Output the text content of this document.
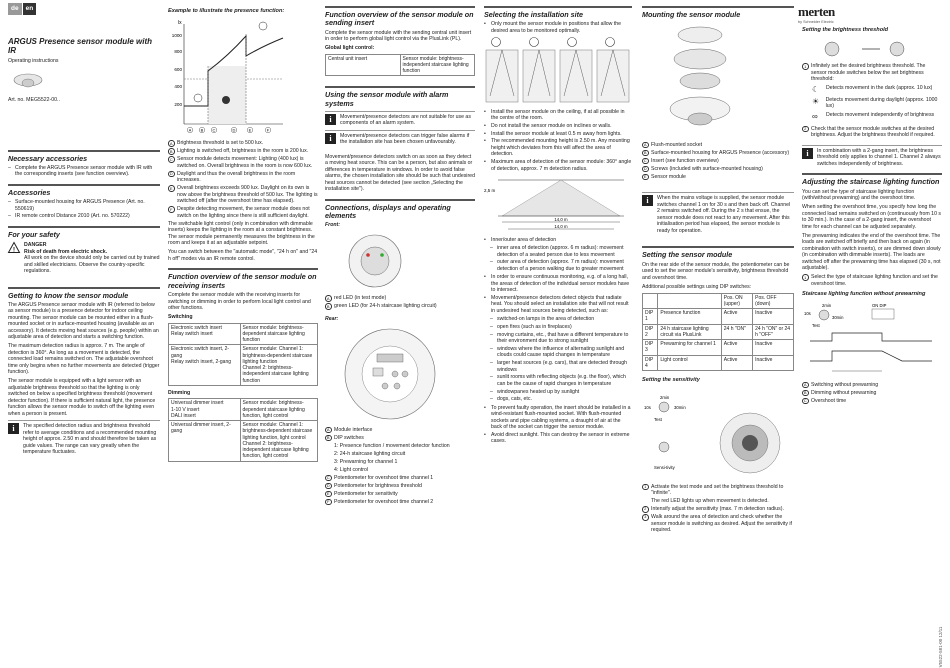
de	en
ARGUS Presence sensor module with IR

Operating instructions

Art. no. MEG5522-00..

Necessary accessories
– Complete the ARGUS Presence sensor module with IR with the corresponding inserts (see function overview).
Accessories
– Surface-mounted housing for ARGUS Presence (Art. no. 550619)
– IR remote control Distance 2010 (Art. no. 570222)
For your safety
!
DANGER
Risk of death from electric shock.
All work on the device should only be carried out by trained and skilled electricians. Observe the country-specific regulations.
Getting to know the sensor module

The ARGUS Presence sensor module with IR (referred to below as sensor module) is a presence detector for indoor ceiling mounting. The sensor module can be mounted either in a flush-mounted socket or in surface-mounted housing (available as an accessory). It detects moving heat sources (e.g. people) within an adjustable area of detection and starts a switching function.

The maximum detection radius is approx. 7 m. The angle of detection is 360°. As long as a movement is detected, the connected load remains switched on. The adjustable overshoot time only begins when no further movements are detected (trigger function).

The sensor module is equipped with a light sensor with an adjustable brightness threshold so that the lighting is only switched on below a specified brightness threshold (movement detector function). If there is sufficient natural light, the presence function allows the sensor module to switch off the lighting even when a person is present.

i	The specified detection radius and brightness threshold refer to average conditions and a recommended mounting height of approx. 2.50 m and should therefore be taken as guide values. The range can vary greatly when the temperature fluctuates.
Example to illustrate the presence function:
lx
1000
800
600
400
200
A B C	D	E	F
A Brightness threshold is set to 500 lux.
B Lighting is switched off, brightness in the room is 200 lux.
C Sensor module detects movement: Lighting (400 lux) is switched on. Overall brightness in the room is now 600 lux.
D Daylight and thus the overall brightness in the room increases.
E Overall brightness exceeds 900 lux. Daylight on its own is now above the brightness threshold of 500 lux. The lighting is switched off (after the overshoot time has elapsed).
F Despite detecting movement, the sensor module does not switch on the lighting since there is still sufficient daylight.

The switchable light control (only in combination with dimmable inserts) keeps the lighting in the room at a constant brightness. The sensor module permanently measures the brightness in the room and keeps it at an adjustable setpoint.

You can switch between the "automatic mode", "24 h on" and "24 h off" modes via an IR remote control.

Function overview of the sensor module on receiving inserts

Complete the sensor module with the receiving inserts for switching or dimming in order to perform local light control and other functions.

Switching
Electronic switch insert
Relay switch insert	Sensor module: brightness-dependent staircase lighting function
Electronic switch insert, 2-gang
Relay switch insert, 2-gang	Sensor module: Channel 1: brightness-dependent staircase lighting function
Channel 2: brightness-independent staircase lighting function
Dimming
Universal dimmer insert
1-10 V insert
DALI insert	Sensor module: brightness-dependent staircase lighting function, light control
Universal dimmer insert, 2-gang	Sensor module: Channel 1: brightness-dependent staircase lighting function, light control
Channel 2: brightness-independent staircase lighting function, light control
Function overview of the sensor module on sending insert

Complete the sensor module with the sending central unit insert in order to perform global light control via the PlusLink (PL).

Global light control:
Central unit insert	Sensor module: brightness-independent staircase lighting function
Using the sensor module with alarm systems
i	Movement/presence detectors are not suitable for use as components of an alarm system.
i	Movement/presence detectors can trigger false alarms if the installation site has been chosen unfavourably.

Movement/presence detectors switch on as soon as they detect a moving heat source. This can be a person, but also animals or differences in temperature in windows. In order to avoid false alarms, the chosen installation site should be such that undesired heat sources cannot be detected (see section „Selecting the installation site").

Connections, displays and operating elements
Front:
A red LED (in test mode)
B green LED (for 24-h staircase lighting circuit)
Rear:
A Module interface
B DIP switches
1: Presence function / movement detector function
2: 24-h staircase lighting circuit
3: Prewarning for channel 1
4: Light control
C Potentiometer for overshoot time channel 1
D Potentiometer for brightness threshold
E Potentiometer for sensitivity
F Potentiometer for overshoot time channel 2
Selecting the installation site
• Only mount the sensor module in positions that allow the desired area to be monitored optimally.
• Install the sensor module on the ceiling, if at all possible in the centre of the room.
• Do not install the sensor module on inclines or walls.
• Install the sensor module at least 0.5 m away from lights.
• The recommended mounting height is 2.50 m. Any mounting height which deviates from this will affect the area of detection.
• Maximum area of detection of the sensor module: 360° angle of detection, approx. 7 m detection radius.
2,5 m
14,0 m
14,0 m
• Inner/outer area of detection
– inner area of detection (approx. 6 m radius): movement detection of a seated person due to less movement
– outer area of detection (approx. 7 m radius): movement detection of a person walking due to greater movement
• In order to ensure continuous monitoring, e.g. of a long hall, the areas of detection of the individual sensor modules have to intersect.
• Movement/presence detectors detect objects that radiate heat. You should select an installation site that will not result in undesired heat sources being detected, such as:
– switched-on lamps in the area of detection
– open fires (such as in fireplaces)
– moving curtains, etc., that have a different temperature to their environment due to strong sunlight
– windows where the influence of alternating sunlight and clouds could cause rapid changes in temperature
– larger heat sources (e.g. cars), that are detected through windows
– sunlit rooms with reflecting objects (e.g. the floor), which can be the cause of rapid changes in temperature
– windowpanes heated up by sunlight
– dogs, cats, etc.
• To prevent faulty operation, the insert should be installed in a wind-resistant flush-mounted socket. With flush-mounted sockets and pipe cabling systems, a draught of air at the back of the socket can trigger the sensor module.
• Avoid direct sunlight. This can destroy the sensor in extreme cases.
Mounting the sensor module
A Flush-mounted socket
B Surface-mounted housing for ARGUS Presence (accessory)
C Insert (see function overview)
D Screws (included with surface-mounted housing)
E Sensor module
i	When the mains voltage is supplied, the sensor module switches channel 1 on for 30 s and then back off. Channel 2 remains switched off. During the 2 s that ensue, the sensor module does not react to any movement. After this initialisation period has elapsed, the sensor module is ready for operation.
Setting the sensor module

On the rear side of the sensor module, the potentiometer can be used to set the sensor module's sensitivity, brightness threshold and overshoot time.

Additional possible settings using DIP switches:

		Pos. ON (upper)	Pos. OFF (down)
DIP 1	Presence function	Active	Inactive
DIP 2	24 h staircase lighting circuit via PlusLink	24 h "ON"	24 h "ON" or 24 h "OFF"
DIP 3	Prewarning for channel 1	Active	Inactive
DIP 4	Light control	Active	Inactive
Setting the sensitivity
2min
10s	30min
Test
Sensi-tivity
1 Activate the test mode and set the brightness threshold to "infinite".
The red LED lights up when movement is detected.
2 Intensify adjust the sensitivity (max. 7 m detection radius).
3 Walk around the area of detection and check whether the sensor module is switching as desired. Adjust the sensitivity if required.
merten
by Schneider Electric
Setting the brightness threshold
1 Infinitely set the desired brightness threshold. The sensor module switches below the set brightness threshold:
☾	Detects movement in the dark (approx. 10 lux)
☀	Detects movement during daylight (approx. 1000 lux)
∞	Detects movement independently of brightness
2 Check that the sensor module switches at the desired brightness. Adjust the brightness threshold if required.
i	In combination with a 2-gang insert, the brightness threshold only applies to channel 1. Channel 2 always switches independently of brightness.
Adjusting the staircase lighting function

You can set the type of staircase lighting function (with/without prewarning) and the overshoot time.

When setting the overshoot time, you specify how long the connected load remains switched on (continuously from 10 s to 30 min.). In the case of a 2-gang insert, the overshoot time for each channel can be adjusted separately.

The prewarning indicates the end of the overshoot time. The loads are switched off briefly and then back on again (in combination with switch inserts), or are dimmed down slowly (in combination with dimmable inserts). The loads are switched off after the prewarning time has elapsed (30 s, not adjustable).

1 Select the type of staircase lighting function and set the overshoot time.
Staircase lighting function without prewarning
2min
10s
30min
Test
ON DIP
A Switching without prewarning
B Dimming without prewarning
C Overshoot time
V5522-581-00 12/11
